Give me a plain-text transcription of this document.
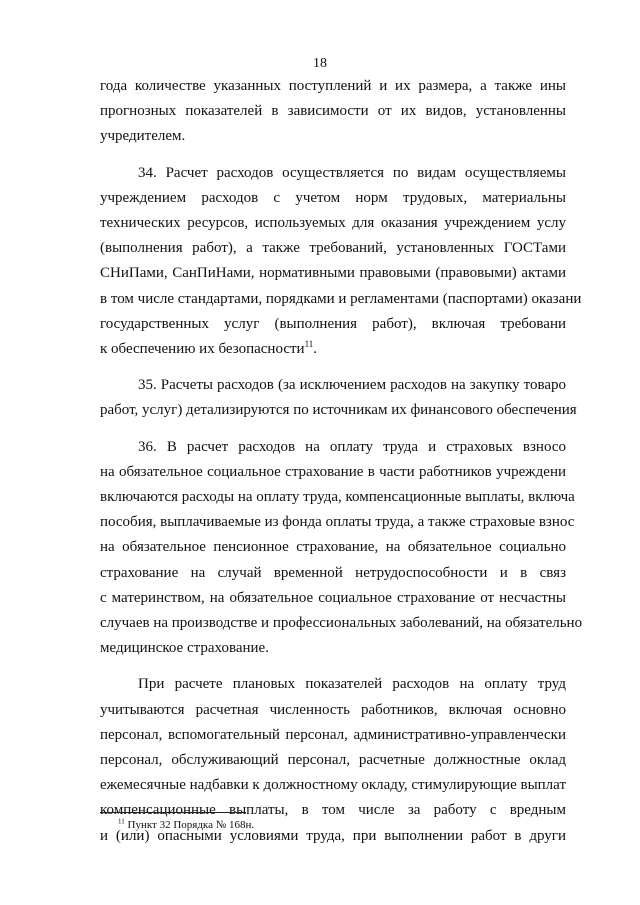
18
года количестве указанных поступлений и их размера, а также ины
прогнозных показателей в зависимости от их видов, установленны
учредителем.
34. Расчет расходов осуществляется по видам осуществляемы
учреждением расходов с учетом норм трудовых, материальны
технических ресурсов, используемых для оказания учреждением услу
(выполнения работ), а также требований, установленных ГОСТами
СНиПами, СанПиНами, нормативными правовыми (правовыми) актами
в том числе стандартами, порядками и регламентами (паспортами) оказани
государственных услуг (выполнения работ), включая требовани
к обеспечению их безопасности$^{11}$.
35. Расчеты расходов (за исключением расходов на закупку товаро
работ, услуг) детализируются по источникам их финансового обеспечения
36. В расчет расходов на оплату труда и страховых взносо
на обязательное социальное страхование в части работников учреждени
включаются расходы на оплату труда, компенсационные выплаты, включа
пособия, выплачиваемые из фонда оплаты труда, а также страховые взнос
на обязательное пенсионное страхование, на обязательное социально
страхование на случай временной нетрудоспособности и в связ
с материнством, на обязательное социальное страхование от несчастны
случаев на производстве и профессиональных заболеваний, на обязательно
медицинское страхование.
При расчете плановых показателей расходов на оплату труд
учитываются расчетная численность работников, включая основно
персонал, вспомогательный персонал, административно-управленчески
персонал, обслуживающий персонал, расчетные должностные оклад
ежемесячные надбавки к должностному окладу, стимулирующие выплат
компенсационные выплаты, в том числе за работу с вредным
и (или) опасными условиями труда, при выполнении работ в други
$^{11}$ Пункт 32 Порядка № 168н.
